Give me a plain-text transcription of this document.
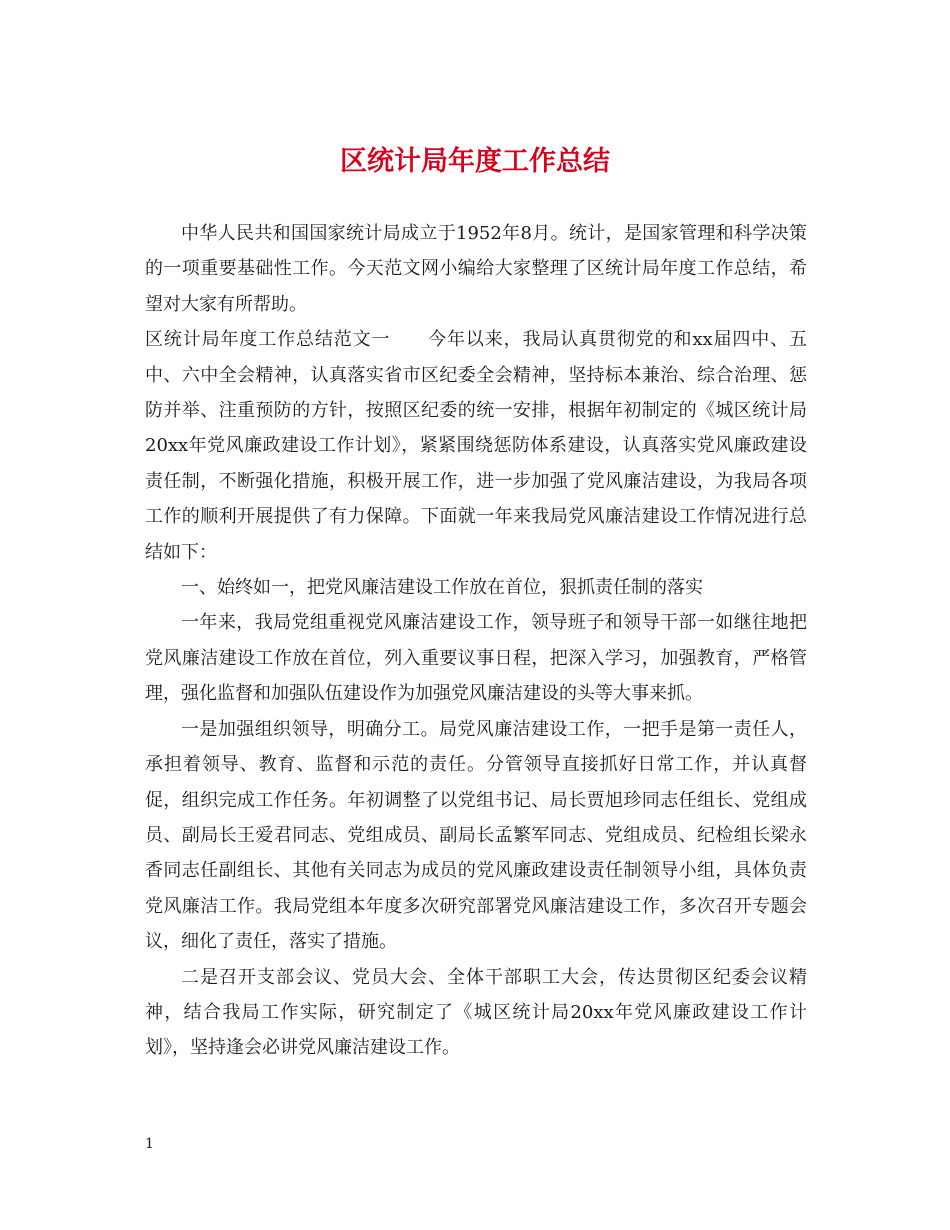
区统计局年度工作总结

中华人民共和国国家统计局成立于1952年8月。统计，是国家管理和科学决策的一项重要基础性工作。今天范文网小编给大家整理了区统计局年度工作总结，希望对大家有所帮助。

区统计局年度工作总结范文一　　今年以来，我局认真贯彻党的和xx届四中、五中、六中全会精神，认真落实省市区纪委全会精神，坚持标本兼治、综合治理、惩防并举、注重预防的方针，按照区纪委的统一安排，根据年初制定的《城区统计局20xx年党风廉政建设工作计划》，紧紧围绕惩防体系建设，认真落实党风廉政建设责任制，不断强化措施，积极开展工作，进一步加强了党风廉洁建设，为我局各项工作的顺利开展提供了有力保障。下面就一年来我局党风廉洁建设工作情况进行总结如下：

一、始终如一，把党风廉洁建设工作放在首位，狠抓责任制的落实

一年来，我局党组重视党风廉洁建设工作，领导班子和领导干部一如继往地把党风廉洁建设工作放在首位，列入重要议事日程，把深入学习，加强教育，严格管理，强化监督和加强队伍建设作为加强党风廉洁建设的头等大事来抓。

一是加强组织领导，明确分工。局党风廉洁建设工作，一把手是第一责任人，承担着领导、教育、监督和示范的责任。分管领导直接抓好日常工作，并认真督促，组织完成工作任务。年初调整了以党组书记、局长贾旭珍同志任组长、党组成员、副局长王爱君同志、党组成员、副局长孟繁军同志、党组成员、纪检组长梁永香同志任副组长、其他有关同志为成员的党风廉政建设责任制领导小组，具体负责党风廉洁工作。我局党组本年度多次研究部署党风廉洁建设工作，多次召开专题会议，细化了责任，落实了措施。

二是召开支部会议、党员大会、全体干部职工大会，传达贯彻区纪委会议精神，结合我局工作实际，研究制定了《城区统计局20xx年党风廉政建设工作计划》，坚持逢会必讲党风廉洁建设工作。

1
